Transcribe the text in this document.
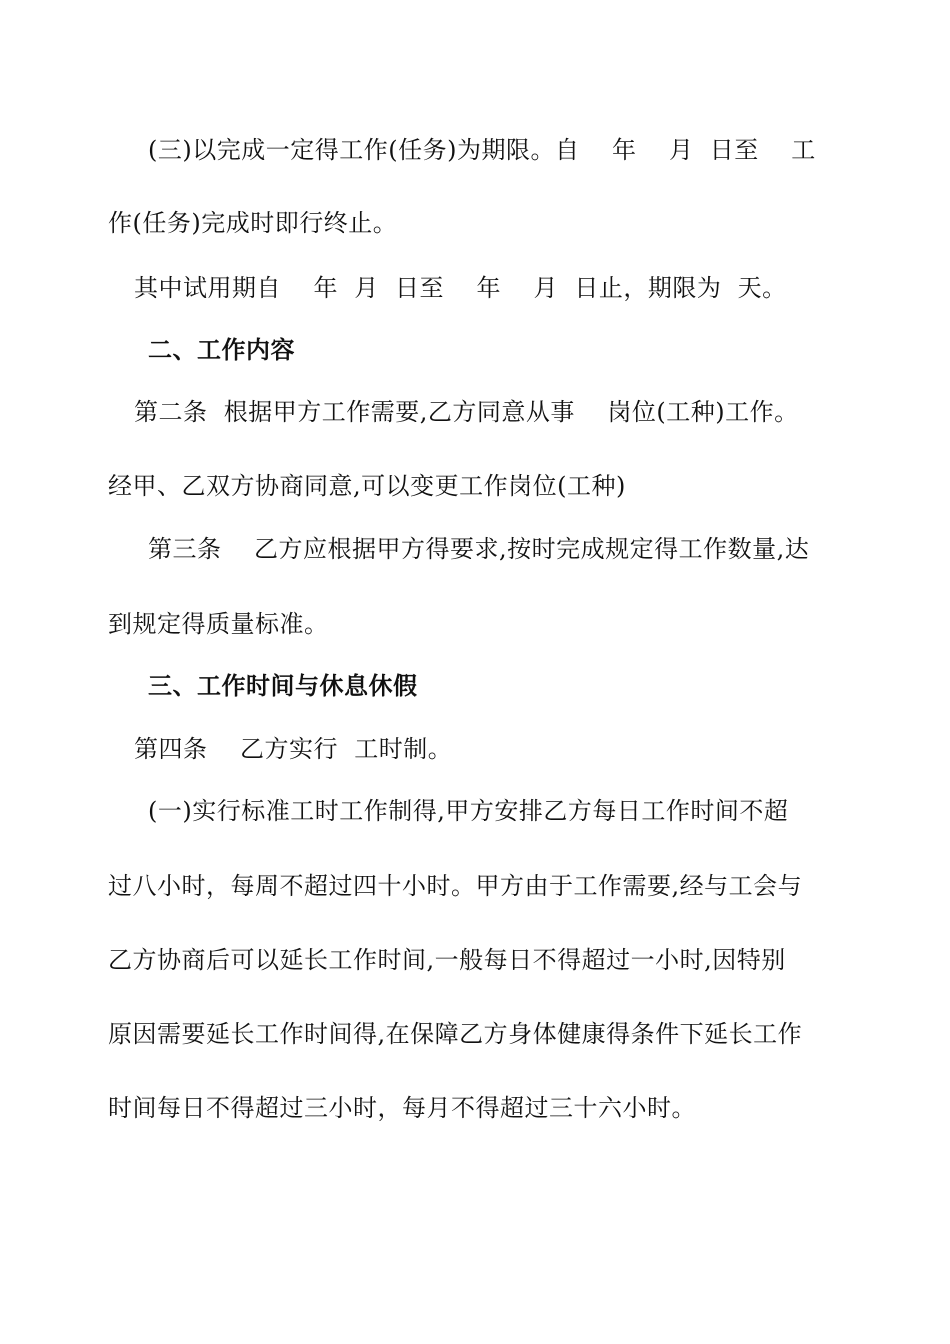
(三)以完成一定得工作(任务)为期限。自    年    月  日至    工
作(任务)完成时即行终止。
其中试用期自    年  月  日至    年    月  日止，期限为  天。
二、工作内容
第二条  根据甲方工作需要,乙方同意从事    岗位(工种)工作。
经甲、乙双方协商同意,可以变更工作岗位(工种)
第三条    乙方应根据甲方得要求,按时完成规定得工作数量,达
到规定得质量标准。
三、工作时间与休息休假
第四条    乙方实行  工时制。
(一)实行标准工时工作制得,甲方安排乙方每日工作时间不超
过八小时，每周不超过四十小时。甲方由于工作需要,经与工会与
乙方协商后可以延长工作时间,一般每日不得超过一小时,因特别
原因需要延长工作时间得,在保障乙方身体健康得条件下延长工作
时间每日不得超过三小时，每月不得超过三十六小时。
